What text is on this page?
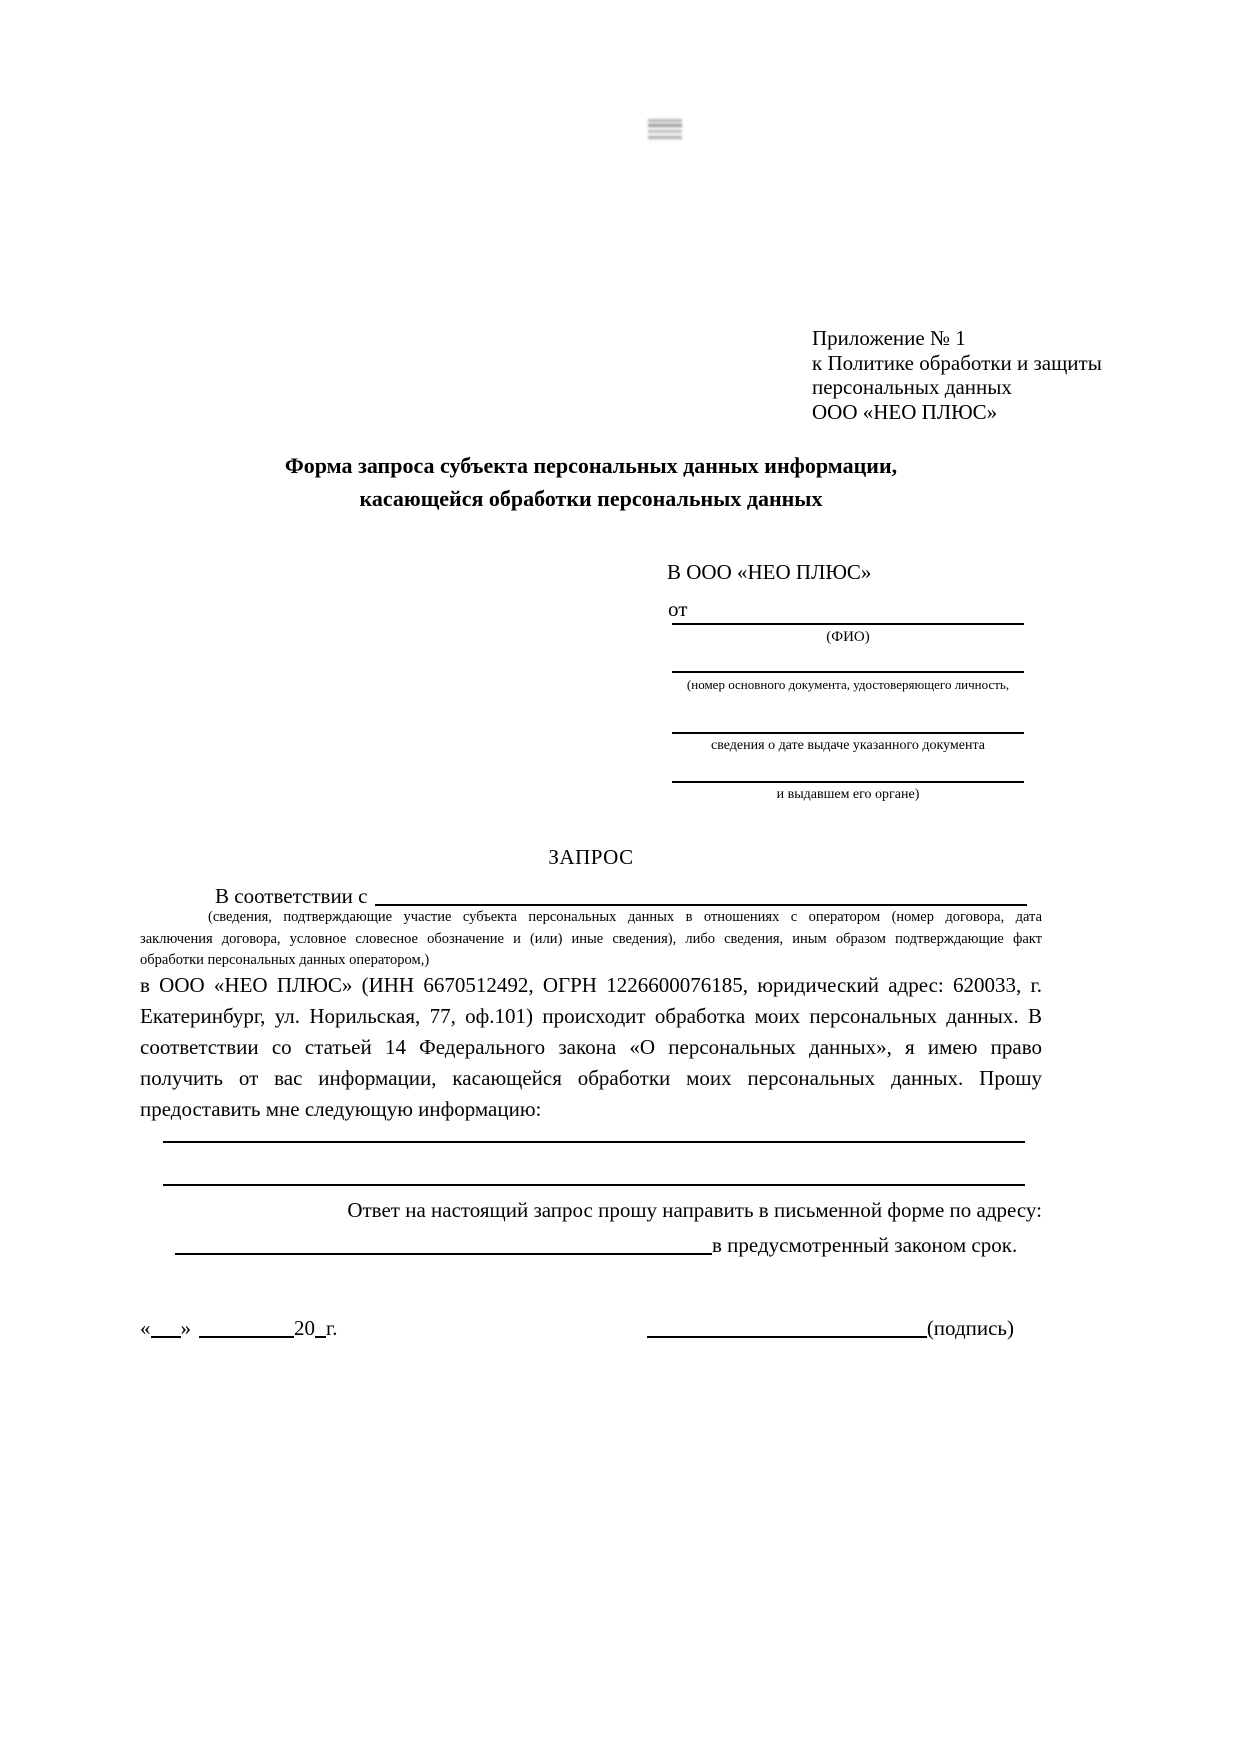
Приложение № 1
к Политике обработки и защиты
персональных данных
ООО «НЕО ПЛЮС»
Форма запроса субъекта персональных данных информации,
касающейся обработки персональных данных
В ООО «НЕО ПЛЮС»
от
(ФИО)
(номер основного документа, удостоверяющего личность,
сведения о дате выдаче указанного документа
и выдавшем его органе)
ЗАПРОС
В соответствии с
(сведения, подтверждающие участие субъекта персональных данных в отношениях с оператором (номер договора, дата
заключения договора, условное словесное обозначение и (или) иные сведения), либо сведения, иным образом подтверждающие факт
обработки персональных данных оператором,)
в ООО «НЕО ПЛЮС» (ИНН 6670512492, ОГРН 1226600076185, юридический адрес: 620033, г. Екатеринбург, ул. Норильская, 77, оф.101) происходит обработка моих персональных данных. В соответствии со статьей 14 Федерального закона «О персональных данных», я имею право получить от вас информации, касающейся обработки моих персональных данных. Прошу предоставить мне следующую информацию:
Ответ на настоящий запрос прошу направить в письменной форме по адресу:
в предусмотренный законом срок.
« »	20 г.	(подпись)
